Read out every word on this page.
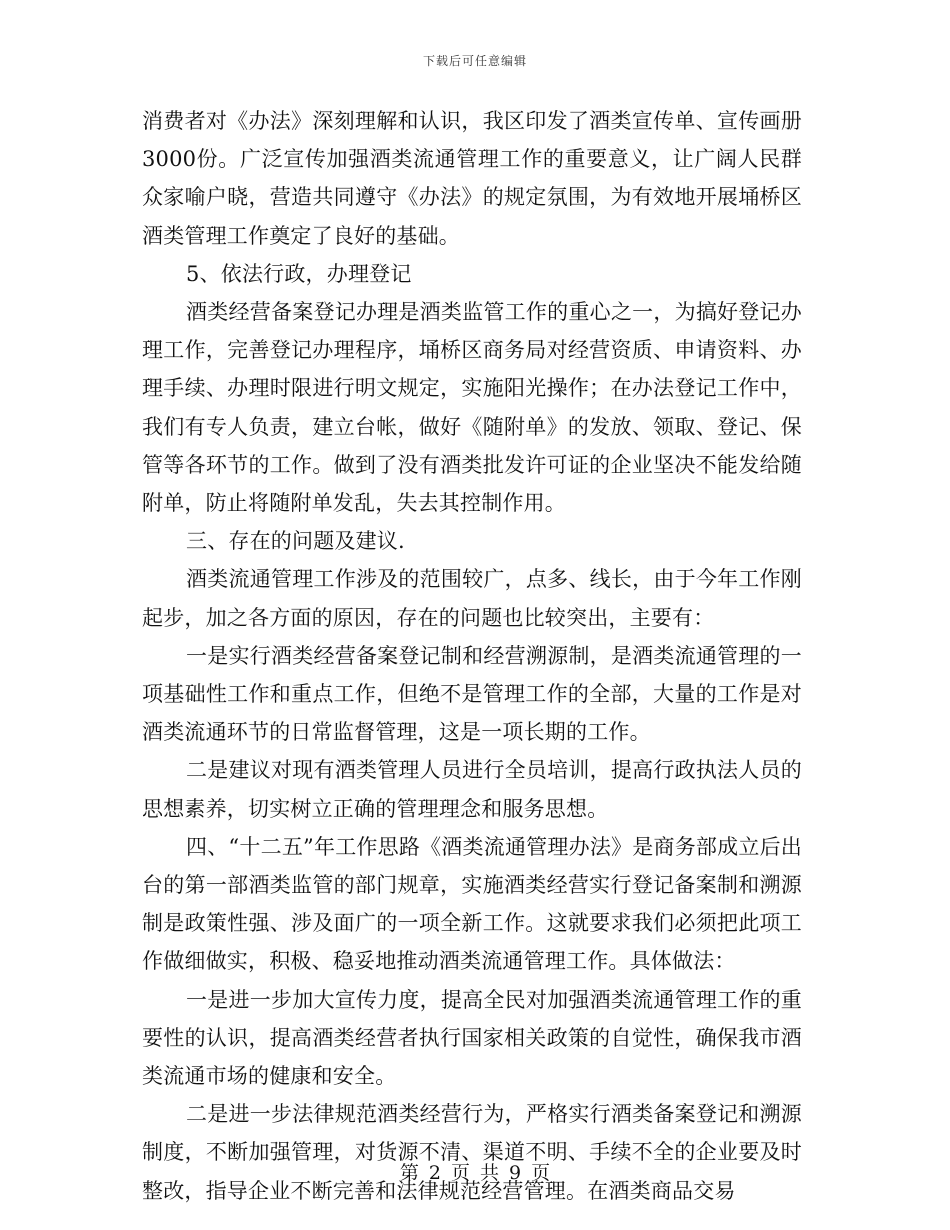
下载后可任意编辑

消费者对《办法》深刻理解和认识，我区印发了酒类宣传单、宣传画册3000份。广泛宣传加强酒类流通管理工作的重要意义，让广阔人民群众家喻户晓，营造共同遵守《办法》的规定氛围，为有效地开展埇桥区酒类管理工作奠定了良好的基础。

5、依法行政，办理登记

酒类经营备案登记办理是酒类监管工作的重心之一，为搞好登记办理工作，完善登记办理程序，埇桥区商务局对经营资质、申请资料、办理手续、办理时限进行明文规定，实施阳光操作；在办法登记工作中，我们有专人负责，建立台帐，做好《随附单》的发放、领取、登记、保管等各环节的工作。做到了没有酒类批发许可证的企业坚决不能发给随附单，防止将随附单发乱，失去其控制作用。

三、存在的问题及建议.

酒类流通管理工作涉及的范围较广，点多、线长，由于今年工作刚起步，加之各方面的原因，存在的问题也比较突出，主要有：

一是实行酒类经营备案登记制和经营溯源制，是酒类流通管理的一项基础性工作和重点工作，但绝不是管理工作的全部，大量的工作是对酒类流通环节的日常监督管理，这是一项长期的工作。

二是建议对现有酒类管理人员进行全员培训，提高行政执法人员的思想素养，切实树立正确的管理理念和服务思想。

四、“十二五”年工作思路《酒类流通管理办法》是商务部成立后出台的第一部酒类监管的部门规章，实施酒类经营实行登记备案制和溯源制是政策性强、涉及面广的一项全新工作。这就要求我们必须把此项工作做细做实，积极、稳妥地推动酒类流通管理工作。具体做法：

一是进一步加大宣传力度，提高全民对加强酒类流通管理工作的重要性的认识，提高酒类经营者执行国家相关政策的自觉性，确保我市酒类流通市场的健康和安全。

二是进一步法律规范酒类经营行为，严格实行酒类备案登记和溯源制度，不断加强管理，对货源不清、渠道不明、手续不全的企业要及时整改，指导企业不断完善和法律规范经营管理。在酒类商品交易

第 2 页 共 9 页
